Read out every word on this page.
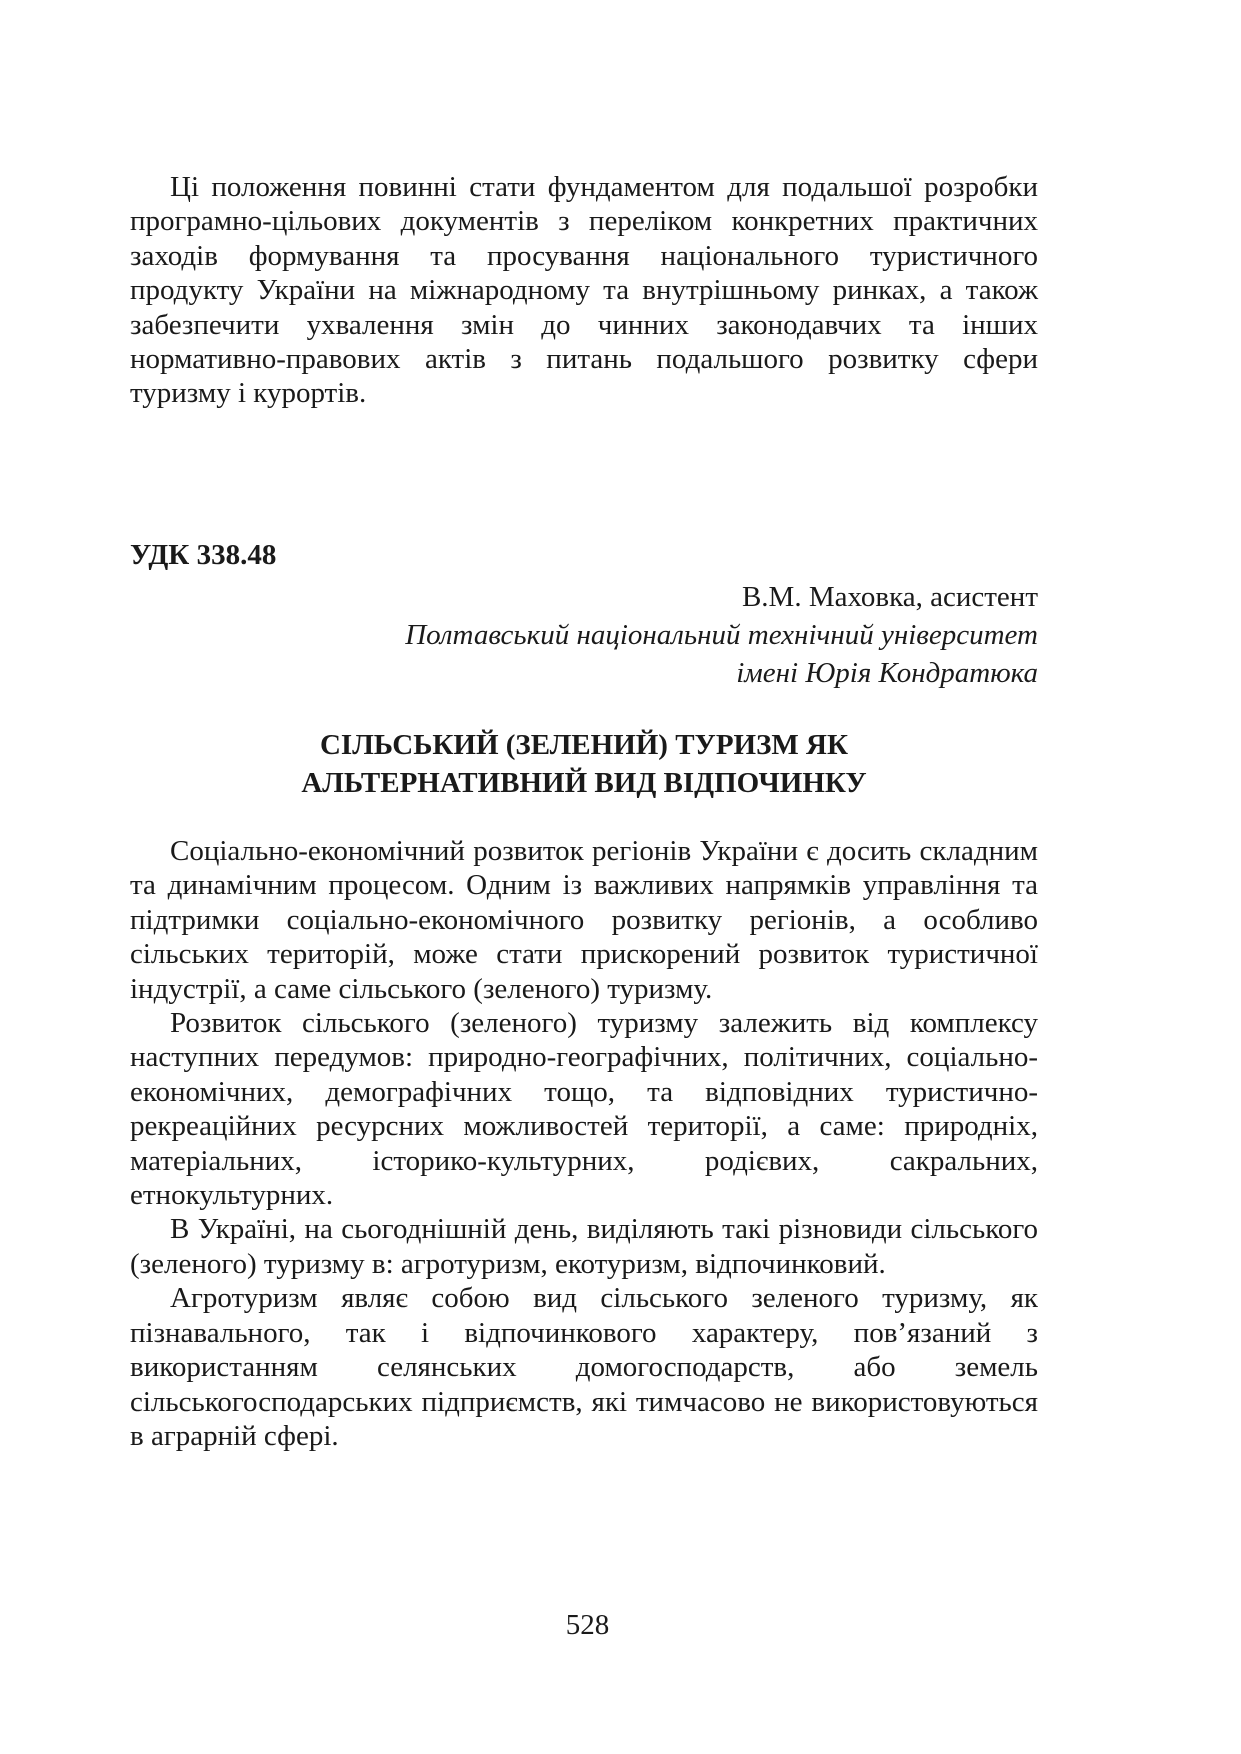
Ці положення повинні стати фундаментом для подальшої розробки програмно-цільових документів з переліком конкретних практичних заходів формування та просування національного туристичного продукту України на міжнародному та внутрішньому ринках, а також забезпечити ухвалення змін до чинних законодавчих та інших нормативно-правових актів з питань подальшого розвитку сфери туризму і курортів.

УДК 338.48
В.М. Маховка, асистент
Полтавський національний технічний університет
імені Юрія Кондратюка
СІЛЬСЬКИЙ (ЗЕЛЕНИЙ) ТУРИЗМ ЯК
АЛЬТЕРНАТИВНИЙ ВИД ВІДПОЧИНКУ

Соціально-економічний розвиток регіонів України є досить складним та динамічним процесом. Одним із важливих напрямків управління та підтримки соціально-економічного розвитку регіонів, а особливо сільських територій, може стати прискорений розвиток туристичної індустрії, а саме сільського (зеленого) туризму.

Розвиток сільського (зеленого) туризму залежить від комплексу наступних передумов: природно-географічних, політичних, соціально-економічних, демографічних тощо, та відповідних туристично-рекреаційних ресурсних можливостей території, а саме: природніх, матеріальних, історико-культурних, родієвих, сакральних, етнокультурних.

В Україні, на сьогоднішній день, виділяють такі різновиди сільського (зеленого) туризму в: агротуризм, екотуризм, відпочинковий.

Агротуризм являє собою вид сільського зеленого туризму, як пізнавального, так і відпочинкового характеру, пов’язаний з використанням селянських домогосподарств, або земель сільськогосподарських підприємств, які тимчасово не використовуються в аграрній сфері.

528
